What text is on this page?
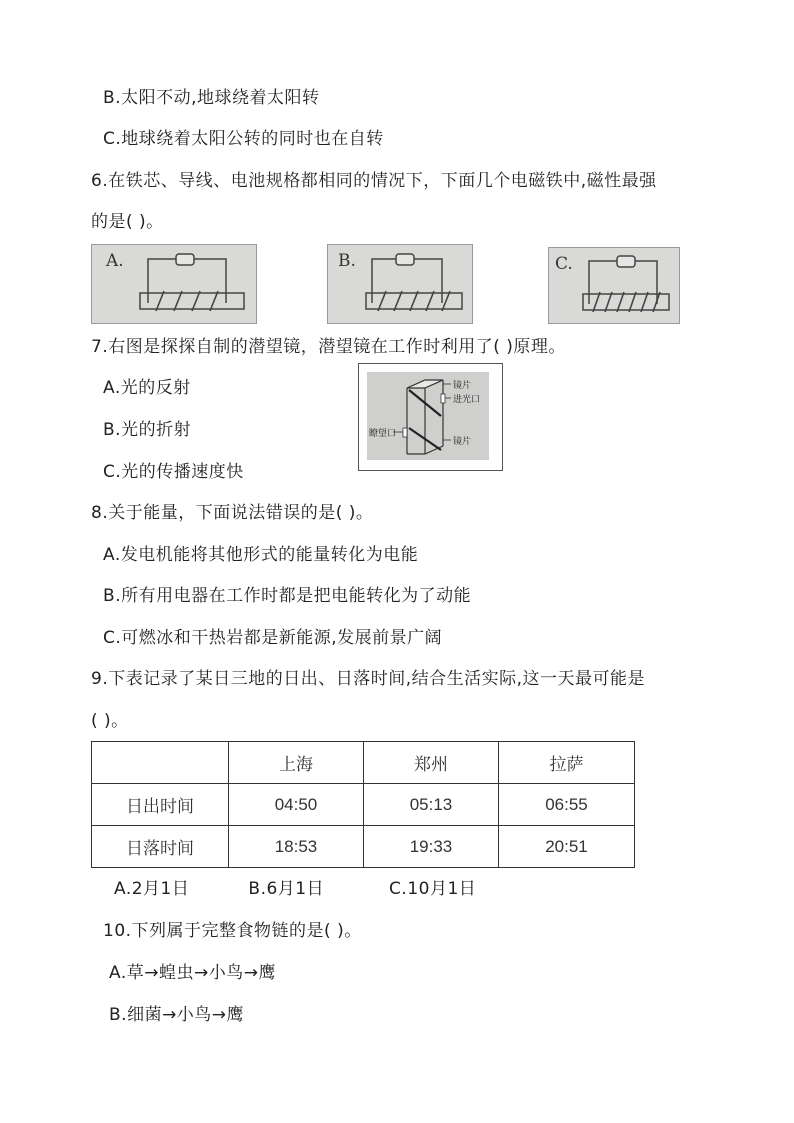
B.太阳不动,地球绕着太阳转
C.地球绕着太阳公转的同时也在自转
6.在铁芯、导线、电池规格都相同的情况下，下面几个电磁铁中,磁性最强
的是( )。
A.	B.	C.
7.右图是探探自制的潜望镜，潜望镜在工作时利用了( )原理。
A.光的反射
B.光的折射
C.光的传播速度快
镜片
进光口
瞭望口
镜片
8.关于能量，下面说法错误的是( )。
A.发电机能将其他形式的能量转化为电能
B.所有用电器在工作时都是把电能转化为了动能
C.可燃冰和干热岩都是新能源,发展前景广阔
9.下表记录了某日三地的日出、日落时间,结合生活实际,这一天最可能是
( )。
	上海	郑州	拉萨
日出时间	04:50	05:13	06:55
日落时间	18:53	19:33	20:51
A.2月1日          B.6月1日           C.10月1日
10.下列属于完整食物链的是( )。
A.草→蝗虫→小鸟→鹰
B.细菌→小鸟→鹰
